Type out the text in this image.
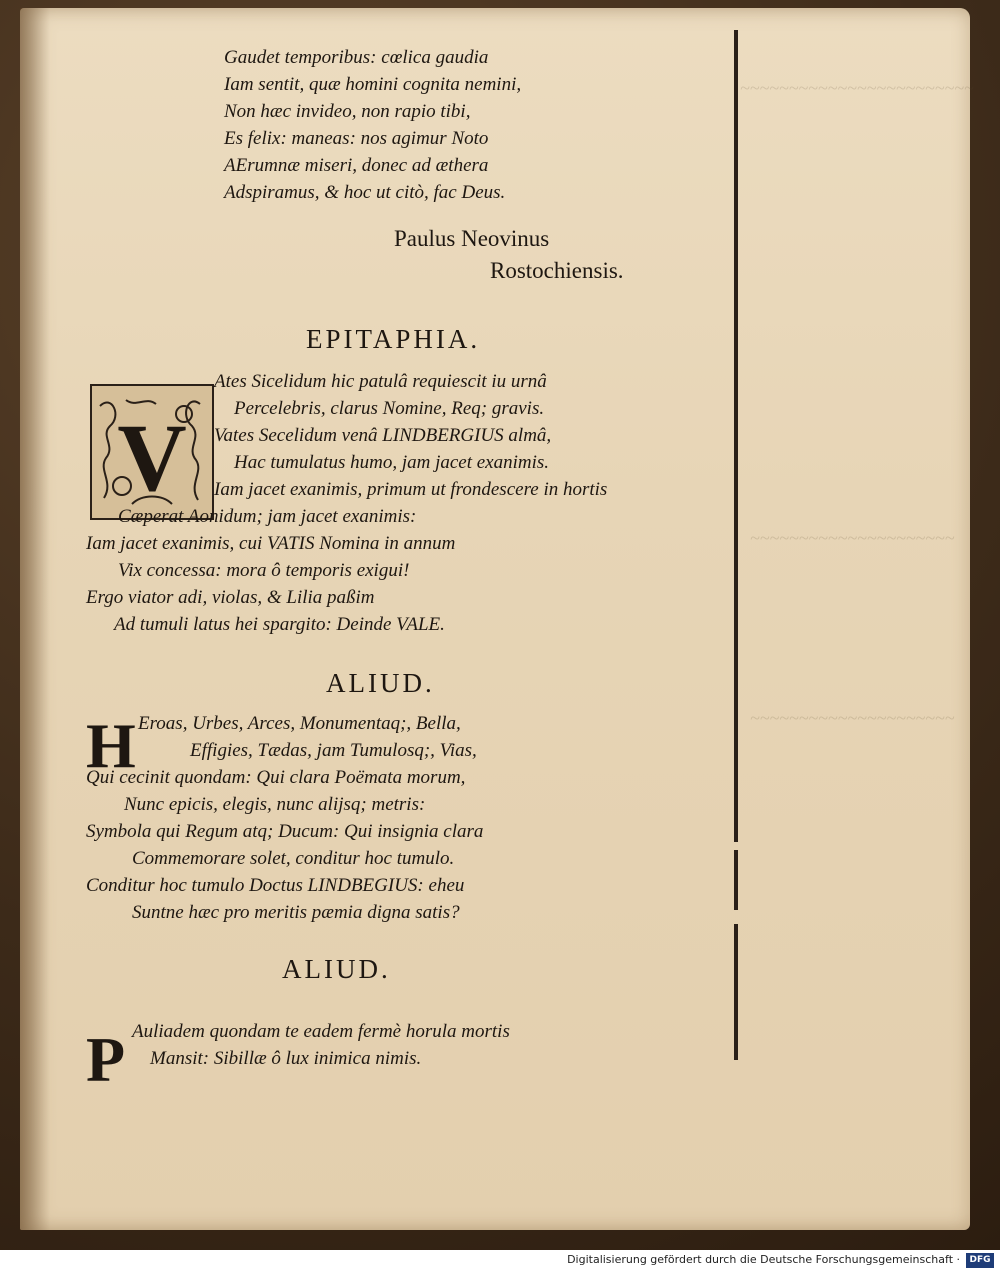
~~~~~~~~~~~~~~~~~~~~~~~~
~~~~~~~~~~~~~~~~~~~~~
~~~~~~~~~~~~~~~~~~~~~
Gaudet temporibus: cœlica gaudia
Iam sentit, quæ homini cognita nemini,
Non hæc invideo, non rapio tibi,
Es felix: maneas: nos agimur Noto
AErumnæ miseri, donec ad æthera
Adspiramus, & hoc ut citò, fac Deus.
Paulus Neovinus
Rostochiensis.
EPITAPHIA.
V
Ates Sicelidum hic patulâ requiescit iu urnâ
Percelebris, clarus Nomine, Req; gravis.
Vates Secelidum venâ LINDBERGIUS almâ,
Hac tumulatus humo, jam jacet exanimis.
Iam jacet exanimis, primum ut frondescere in hortis
Cæperat Aonidum; jam jacet exanimis:
Iam jacet exanimis, cui VATIS Nomina in annum
Vix concessa: mora ô temporis exigui!
Ergo viator adi, violas, & Lilia paßim
Ad tumuli latus hei spargito: Deinde VALE.
ALIUD.
H Eroas, Urbes, Arces, Monumentaq;, Bella,
Effigies, Tædas, jam Tumulosq;, Vias,
Qui cecinit quondam: Qui clara Poëmata morum,
Nunc epicis, elegis, nunc alijsq; metris:
Symbola qui Regum atq; Ducum: Qui insignia clara
Commemorare solet, conditur hoc tumulo.
Conditur hoc tumulo Doctus LINDBEGIUS: eheu
Suntne hæc pro meritis pæmia digna satis?
ALIUD.
P Auliadem quondam te eadem fermè horula mortis
Mansit: Sibillæ ô lux inimica nimis.
Digitalisierung gefördert durch die Deutsche Forschungsgemeinschaft ·	DFG
